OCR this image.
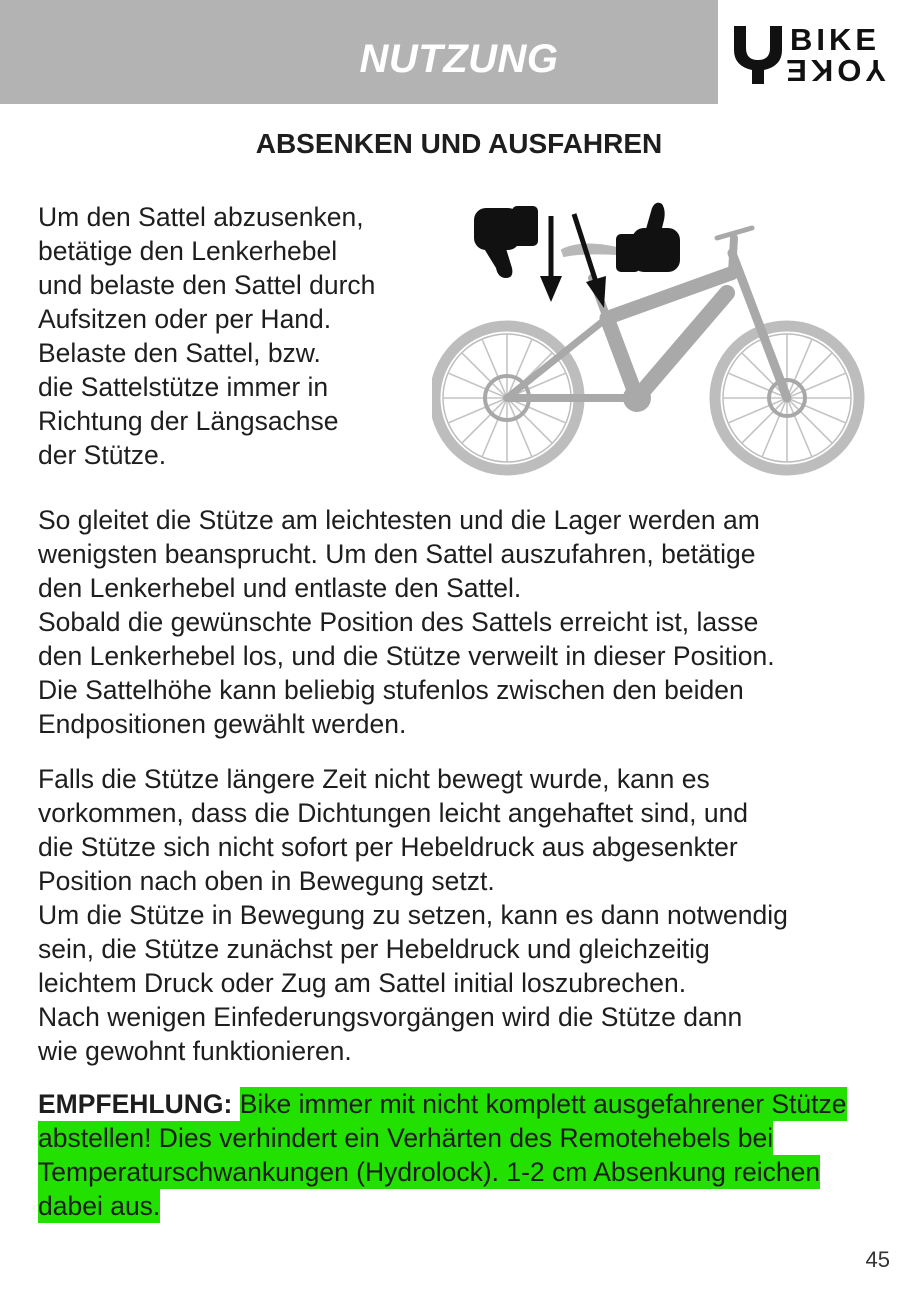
NUTZUNG	BIKE
YOKE
ABSENKEN UND AUSFAHREN

Um den Sattel abzusenken,
betätige den Lenkerhebel
und belaste den Sattel durch
Aufsitzen oder per Hand.
Belaste den Sattel, bzw.
die Sattelstütze immer in
Richtung der Längsachse
der Stütze.

So gleitet die Stütze am leichtesten und die Lager werden am
wenigsten beansprucht. Um den Sattel auszufahren, betätige
den Lenkerhebel und entlaste den Sattel.
Sobald die gewünschte Position des Sattels erreicht ist, lasse
den Lenkerhebel los, und die Stütze verweilt in dieser Position.
Die Sattelhöhe kann beliebig stufenlos zwischen den beiden
Endpositionen gewählt werden.

Falls die Stütze längere Zeit nicht bewegt wurde, kann es
vorkommen, dass die Dichtungen leicht angehaftet sind, und
die Stütze sich nicht sofort per Hebeldruck aus abgesenkter
Position nach oben in Bewegung setzt.
Um die Stütze in Bewegung zu setzen, kann es dann notwendig
sein, die Stütze zunächst per Hebeldruck und gleichzeitig
leichtem Druck oder Zug am Sattel initial loszubrechen.
Nach wenigen Einfederungsvorgängen wird die Stütze dann
wie gewohnt funktionieren.

EMPFEHLUNG: Bike immer mit nicht komplett ausgefahrener Stütze abstellen! Dies verhindert ein Verhärten des Remotehebels bei Temperaturschwankungen (Hydrolock). 1-2 cm Absenkung reichen dabei aus.

45
